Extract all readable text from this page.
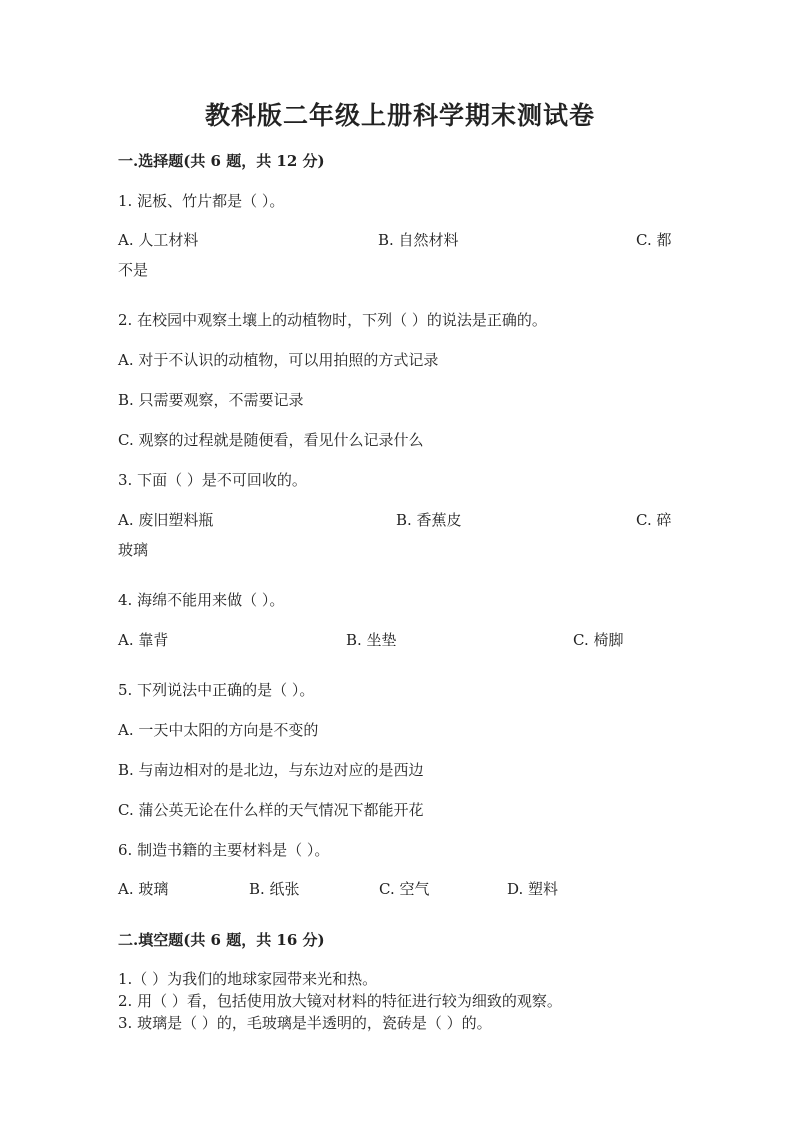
教科版二年级上册科学期末测试卷
一.选择题(共 6 题，共 12 分)
1. 泥板、竹片都是（ ）。
A. 人工材料	B. 自然材料	C. 都
不是
2. 在校园中观察土壤上的动植物时，下列（ ）的说法是正确的。
A. 对于不认识的动植物，可以用拍照的方式记录
B. 只需要观察，不需要记录
C. 观察的过程就是随便看，看见什么记录什么
3. 下面（ ）是不可回收的。
A. 废旧塑料瓶	B. 香蕉皮	C. 碎
玻璃
4. 海绵不能用来做（ ）。
A. 靠背	B. 坐垫	C. 椅脚
5. 下列说法中正确的是（ ）。
A. 一天中太阳的方向是不变的
B. 与南边相对的是北边，与东边对应的是西边
C. 蒲公英无论在什么样的天气情况下都能开花
6. 制造书籍的主要材料是（ ）。
A. 玻璃	B. 纸张	C. 空气	D. 塑料
二.填空题(共 6 题，共 16 分)
1.（ ）为我们的地球家园带来光和热。
2. 用（ ）看，包括使用放大镜对材料的特征进行较为细致的观察。
3. 玻璃是（ ）的，毛玻璃是半透明的，瓷砖是（ ）的。
